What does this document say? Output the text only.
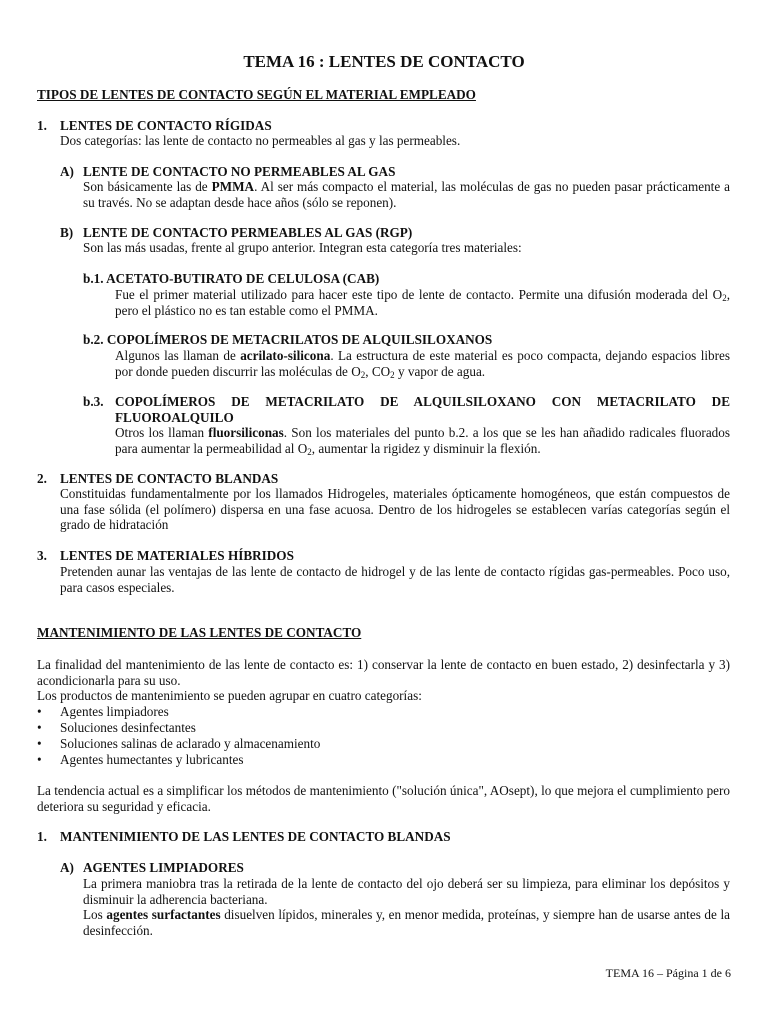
TEMA 16 : LENTES DE CONTACTO
TIPOS DE LENTES DE CONTACTO SEGÚN EL MATERIAL EMPLEADO
1. LENTES DE CONTACTO RÍGIDAS
Dos categorías: las lente de contacto no permeables al gas y las permeables.
A) LENTE DE CONTACTO NO PERMEABLES AL GAS
Son básicamente las de PMMA. Al ser más compacto el material, las moléculas de gas no pueden pasar prácticamente a su través. No se adaptan desde hace años (sólo se reponen).
B) LENTE DE CONTACTO PERMEABLES AL GAS (RGP)
Son las más usadas, frente al grupo anterior. Integran esta categoría tres materiales:
b.1. ACETATO-BUTIRATO DE CELULOSA (CAB)
Fue el primer material utilizado para hacer este tipo de lente de contacto. Permite una difusión moderada del $O_2$, pero el plástico no es tan estable como el PMMA.
b.2. COPOLÍMEROS DE METACRILATOS DE ALQUILSILOXANOS
Algunos las llaman de acrilato-silicona. La estructura de este material es poco compacta, dejando espacios libres por donde pueden discurrir las moléculas de $O_2$, $CO_2$ y vapor de agua.
b.3. COPOLÍMEROS DE METACRILATO DE ALQUILSILOXANO CON METACRILATO DE FLUOROALQUILO
Otros los llaman fluorsiliconas. Son los materiales del punto b.2. a los que se les han añadido radicales fluorados para aumentar la permeabilidad al $O_2$, aumentar la rigidez y disminuir la flexión.
2. LENTES DE CONTACTO BLANDAS
Constituidas fundamentalmente por los llamados Hidrogeles, materiales ópticamente homogéneos, que están compuestos de una fase sólida (el polímero) dispersa en una fase acuosa. Dentro de los hidrogeles se establecen varías categorías según el grado de hidratación
3. LENTES DE MATERIALES HÍBRIDOS
Pretenden aunar las ventajas de las lente de contacto de hidrogel y de las lente de contacto rígidas gas-permeables. Poco uso, para casos especiales.
MANTENIMIENTO DE LAS LENTES DE CONTACTO
La finalidad del mantenimiento de las lente de contacto es: 1) conservar la lente de contacto en buen estado, 2) desinfectarla y 3) acondicionarla para su uso.
Los productos de mantenimiento se pueden agrupar en cuatro categorías:
• Agentes limpiadores
• Soluciones desinfectantes
• Soluciones salinas de aclarado y almacenamiento
• Agentes humectantes y lubricantes
La tendencia actual es a simplificar los métodos de mantenimiento ("solución única", AOsept), lo que mejora el cumplimiento pero deteriora su seguridad y eficacia.
1. MANTENIMIENTO DE LAS LENTES DE CONTACTO BLANDAS
A) AGENTES LIMPIADORES
La primera maniobra tras la retirada de la lente de contacto del ojo deberá ser su limpieza, para eliminar los depósitos y disminuir la adherencia bacteriana.
Los agentes surfactantes disuelven lípidos, minerales y, en menor medida, proteínas, y siempre han de usarse antes de la desinfección.
TEMA 16 – Página 1 de 6
